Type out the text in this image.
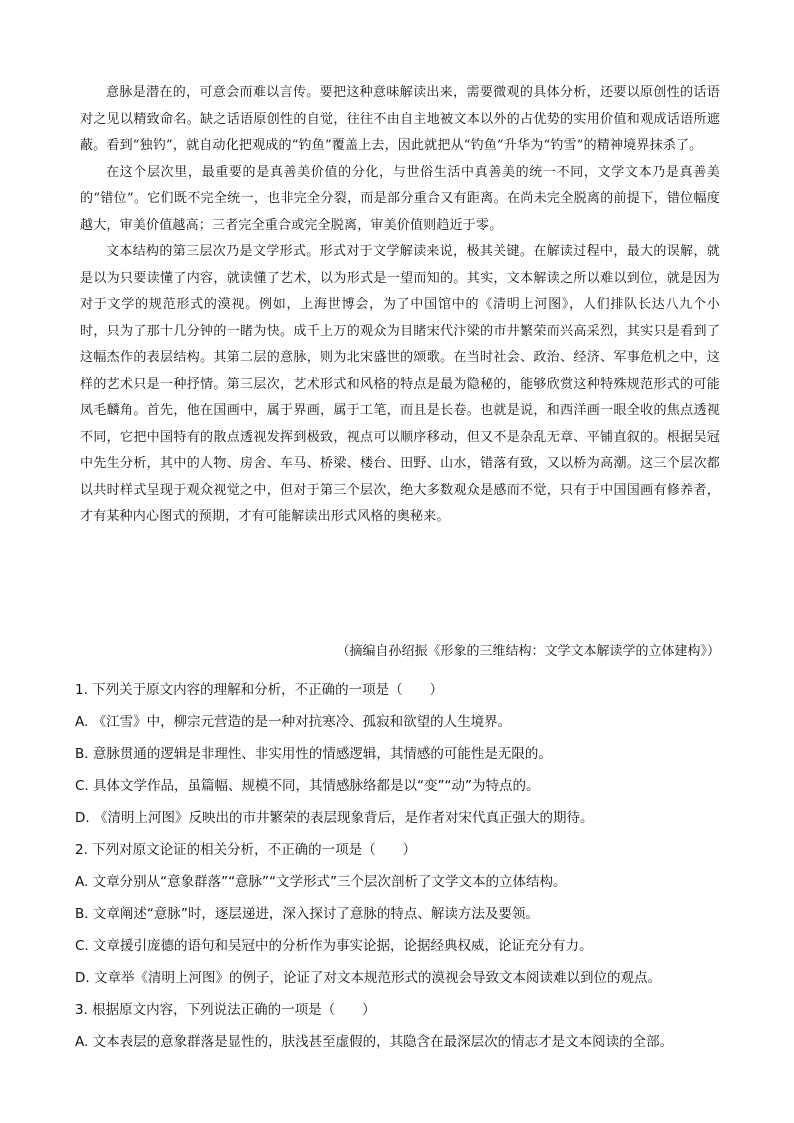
意脉是潜在的，可意会而难以言传。要把这种意味解读出来，需要微观的具体分析，还要以原创性的话语对之见以精致命名。缺之话语原创性的自觉，往往不由自主地被文本以外的占优势的实用价值和观成话语所遮蔽。看到“独钓”，就自动化把观成的“钓鱼”覆盖上去，因此就把从“钓鱼”升华为“钓雪”的精神境界抹杀了。

在这个层次里，最重要的是真善美价值的分化，与世俗生活中真善美的统一不同，文学文本乃是真善美的“错位”。它们既不完全统一，也非完全分裂，而是部分重合又有距离。在尚未完全脱离的前提下，错位幅度越大，审美价值越高；三者完全重合或完全脱离，审美价值则趋近于零。

文本结构的第三层次乃是文学形式。形式对于文学解读来说，极其关键。在解读过程中，最大的误解，就是以为只要读懂了内容，就读懂了艺术，以为形式是一望而知的。其实，文本解读之所以难以到位，就是因为对于文学的规范形式的漠视。例如，上海世博会，为了中国馆中的《清明上河图》，人们排队长达八九个小时，只为了那十几分钟的一睹为快。成千上万的观众为目睹宋代汴梁的市井繁荣而兴高采烈，其实只是看到了这幅杰作的表层结构。其第二层的意脉，则为北宋盛世的颂歌。在当时社会、政治、经济、军事危机之中，这样的艺术只是一种抒情。第三层次，艺术形式和风格的特点是最为隐秘的，能够欣赏这种特殊规范形式的可能凤毛麟角。首先，他在国画中，属于界画，属于工笔，而且是长卷。也就是说，和西洋画一眼全收的焦点透视不同，它把中国特有的散点透视发挥到极致，视点可以顺序移动，但又不是杂乱无章、平铺直叙的。根据吴冠中先生分析，其中的人物、房舍、车马、桥梁、楼台、田野、山水，错落有致，又以桥为高潮。这三个层次都以共时样式呈现于观众视觉之中，但对于第三个层次，绝大多数观众是感而不觉，只有于中国国画有修养者，才有某种内心图式的预期，才有可能解读出形式风格的奥秘来。

（摘编自孙绍振《形象的三维结构：文学文本解读学的立体建构》）
1. 下列关于原文内容的理解和分析，不正确的一项是（　　）
A. 《江雪》中，柳宗元营造的是一种对抗寒冷、孤寂和欲望的人生境界。
B. 意脉贯通的逻辑是非理性、非实用性的情感逻辑，其情感的可能性是无限的。
C. 具体文学作品，虽篇幅、规模不同，其情感脉络都是以“变”“动”为特点的。
D. 《清明上河图》反映出的市井繁荣的表层现象背后，是作者对宋代真正强大的期待。
2. 下列对原文论证的相关分析，不正确的一项是（　　）
A. 文章分别从“意象群落”“意脉”“文学形式”三个层次剖析了文学文本的立体结构。
B. 文章阐述“意脉”时，逐层递进，深入探讨了意脉的特点、解读方法及要领。
C. 文章援引庞德的语句和吴冠中的分析作为事实论据，论据经典权威，论证充分有力。
D. 文章举《清明上河图》的例子，论证了对文本规范形式的漠视会导致文本阅读难以到位的观点。
3. 根据原文内容，下列说法正确的一项是（　　）
A. 文本表层的意象群落是显性的，肤浅甚至虚假的，其隐含在最深层次的情志才是文本阅读的全部。
